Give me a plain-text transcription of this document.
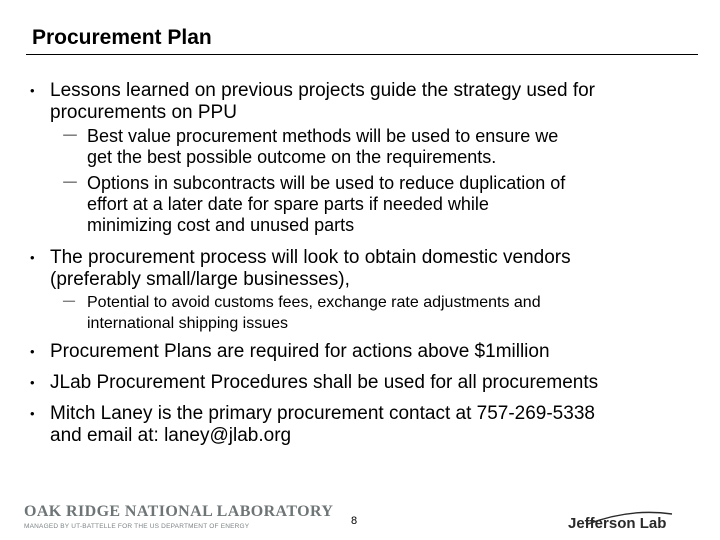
Procurement Plan
• Lessons learned on previous projects guide the strategy used for
procurements on PPU
－ Best value procurement methods will be used to ensure we
get the best possible outcome on the requirements.
－ Options in subcontracts will be used to reduce duplication of
effort at a later date for spare parts if needed while
minimizing cost and unused parts
• The procurement process will look to obtain domestic vendors
(preferably small/large businesses),
－ Potential to avoid customs fees, exchange rate adjustments and
international shipping issues
• Procurement Plans are required for actions above $1million
• JLab Procurement Procedures shall be used for all procurements
• Mitch Laney is the primary procurement contact at 757-269-5338
and email at: laney@jlab.org
OAK RIDGE NATIONAL LABORATORY
MANAGED BY UT-BATTELLE FOR THE US DEPARTMENT OF ENERGY	8	Jefferson Lab
